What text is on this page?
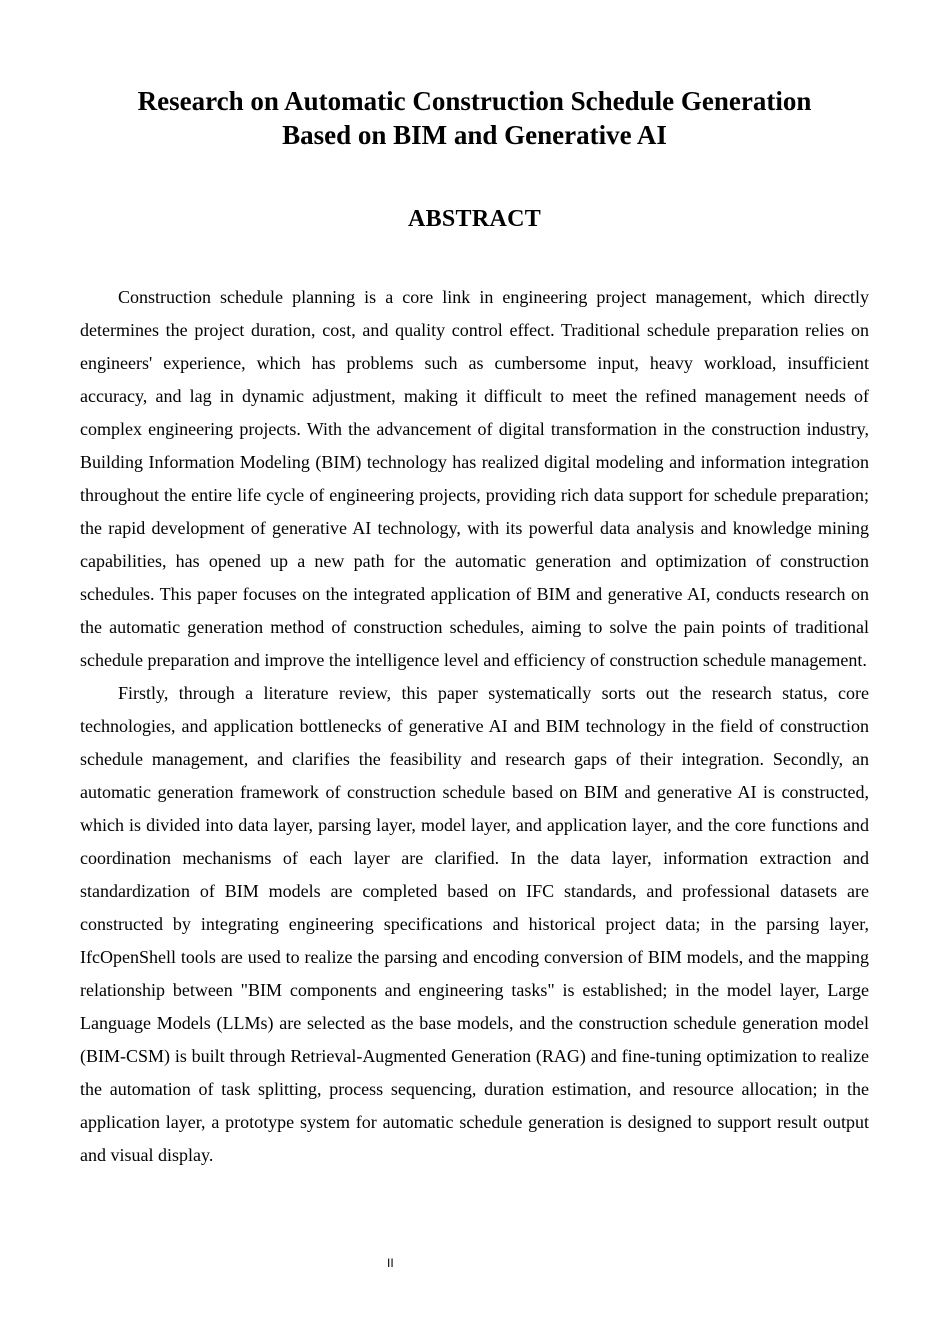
Research on Automatic Construction Schedule Generation
Based on BIM and Generative AI
ABSTRACT

Construction schedule planning is a core link in engineering project management, which directly determines the project duration, cost, and quality control effect. Traditional schedule preparation relies on engineers' experience, which has problems such as cumbersome input, heavy workload, insufficient accuracy, and lag in dynamic adjustment, making it difficult to meet the refined management needs of complex engineering projects. With the advancement of digital transformation in the construction industry, Building Information Modeling (BIM) technology has realized digital modeling and information integration throughout the entire life cycle of engineering projects, providing rich data support for schedule preparation; the rapid development of generative AI technology, with its powerful data analysis and knowledge mining capabilities, has opened up a new path for the automatic generation and optimization of construction schedules. This paper focuses on the integrated application of BIM and generative AI, conducts research on the automatic generation method of construction schedules, aiming to solve the pain points of traditional schedule preparation and improve the intelligence level and efficiency of construction schedule management.

Firstly, through a literature review, this paper systematically sorts out the research status, core technologies, and application bottlenecks of generative AI and BIM technology in the field of construction schedule management, and clarifies the feasibility and research gaps of their integration. Secondly, an automatic generation framework of construction schedule based on BIM and generative AI is constructed, which is divided into data layer, parsing layer, model layer, and application layer, and the core functions and coordination mechanisms of each layer are clarified. In the data layer, information extraction and standardization of BIM models are completed based on IFC standards, and professional datasets are constructed by integrating engineering specifications and historical project data; in the parsing layer, IfcOpenShell tools are used to realize the parsing and encoding conversion of BIM models, and the mapping relationship between "BIM components and engineering tasks" is established; in the model layer, Large Language Models (LLMs) are selected as the base models, and the construction schedule generation model (BIM-CSM) is built through Retrieval-Augmented Generation (RAG) and fine-tuning optimization to realize the automation of task splitting, process sequencing, duration estimation, and resource allocation; in the application layer, a prototype system for automatic schedule generation is designed to support result output and visual display.

II
